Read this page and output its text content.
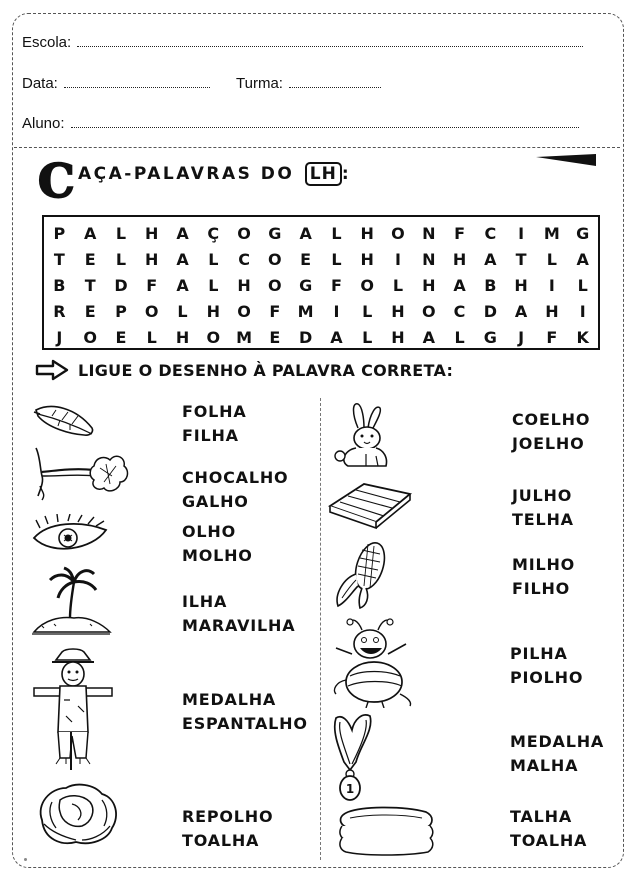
Escola:
Data:	Turma:
Aluno:
C AÇA-PALAVRAS DO LH :
P	A	L	H	A	Ç	O	G	A	L	H	O	N	F	C	I	M	G
T	E	L	H	A	L	C	O	E	L	H	I	N	H	A	T	L	A
B	T	D	F	A	L	H	O	G	F	O	L	H	A	B	H	I	L
R	E	P	O	L	H	O	F	M	I	L	H	O	C	D	A	H	I
J	O	E	L	H	O	M	E	D	A	L	H	A	L	G	J	F	K
LIGUE O DESENHO À PALAVRA CORRETA:
1
FOLHA
FILHA
CHOCALHO
GALHO
OLHO
MOLHO
ILHA
MARAVILHA
MEDALHA
ESPANTALHO
REPOLHO
TOALHA
COELHO
JOELHO
JULHO
TELHA
MILHO
FILHO
PILHA
PIOLHO
MEDALHA
MALHA
TALHA
TOALHA
